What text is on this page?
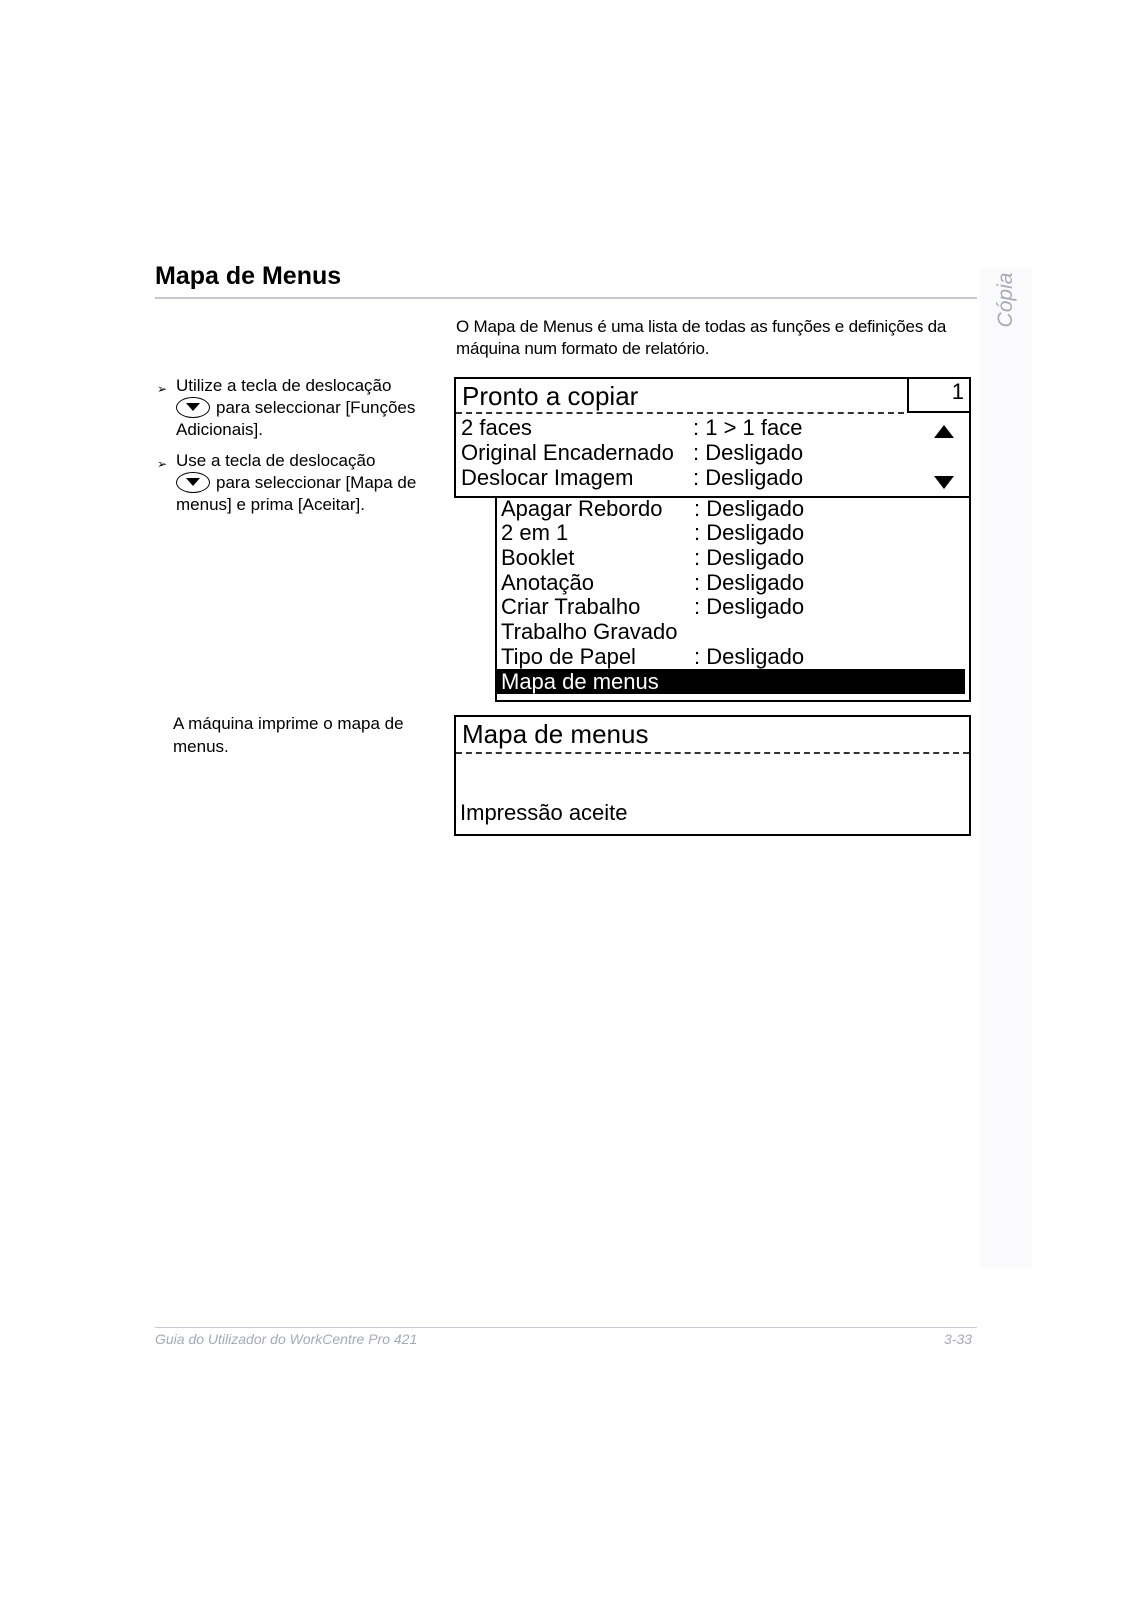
Mapa de Menus	Cópia
O Mapa de Menus é uma lista de todas as funções e definições da máquina num formato de relatório.
➢ Utilize a tecla de deslocação
para seleccionar [Funções Adicionais].
➢ Use a tecla de deslocação
para seleccionar [Mapa de menus] e prima [Aceitar].
A máquina imprime o mapa de menus.
Pronto a copiar	1
2 faces	: 1 > 1 face
Original Encadernado : Desligado
Deslocar Imagem	: Desligado
Apagar Rebordo : Desligado
2 em 1	: Desligado
Booklet	: Desligado
Anotação	: Desligado
Criar Trabalho : Desligado
Trabalho Gravado
Tipo de Papel	: Desligado
Mapa de menus
Mapa de menus
Impressão aceite
Guia do Utilizador do WorkCentre Pro 421	3-33
